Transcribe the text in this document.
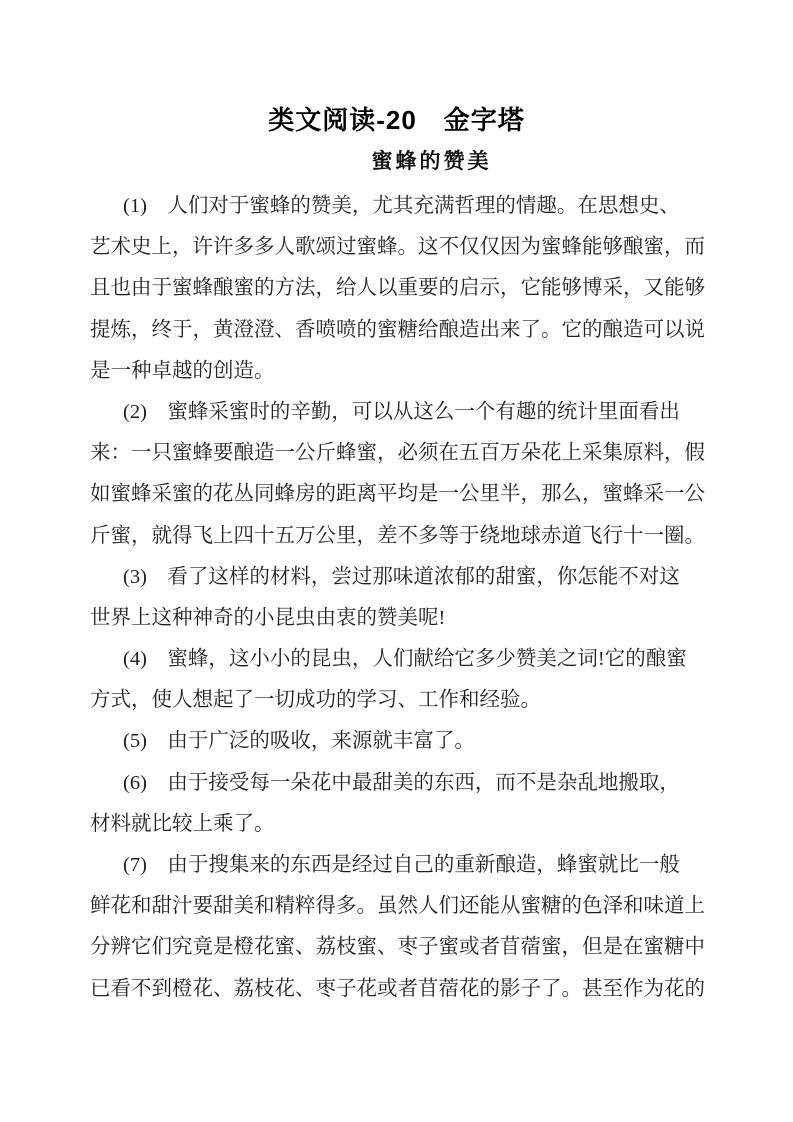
类文阅读-20　金字塔
蜜蜂的赞美
(1)　人们对于蜜蜂的赞美，尤其充满哲理的情趣。在思想史、
艺术史上，许许多多人歌颂过蜜蜂。这不仅仅因为蜜蜂能够酿蜜，而
且也由于蜜蜂酿蜜的方法，给人以重要的启示，它能够博采，又能够
提炼，终于，黄澄澄、香喷喷的蜜糖给酿造出来了。它的酿造可以说
是一种卓越的创造。
(2)　蜜蜂采蜜时的辛勤，可以从这么一个有趣的统计里面看出
来：一只蜜蜂要酿造一公斤蜂蜜，必须在五百万朵花上采集原料，假
如蜜蜂采蜜的花丛同蜂房的距离平均是一公里半，那么，蜜蜂采一公
斤蜜，就得飞上四十五万公里，差不多等于绕地球赤道飞行十一圈。
(3)　看了这样的材料，尝过那味道浓郁的甜蜜，你怎能不对这
世界上这种神奇的小昆虫由衷的赞美呢!
(4)　蜜蜂，这小小的昆虫，人们献给它多少赞美之词!它的酿蜜
方式，使人想起了一切成功的学习、工作和经验。
(5)　由于广泛的吸收，来源就丰富了。
(6)　由于接受每一朵花中最甜美的东西，而不是杂乱地搬取，
材料就比较上乘了。
(7)　由于搜集来的东西是经过自己的重新酿造，蜂蜜就比一般
鲜花和甜汁要甜美和精粹得多。虽然人们还能从蜜糖的色泽和味道上
分辨它们究竟是橙花蜜、荔枝蜜、枣子蜜或者苜蓿蜜，但是在蜜糖中
已看不到橙花、荔枝花、枣子花或者苜蓿花的影子了。甚至作为花的
